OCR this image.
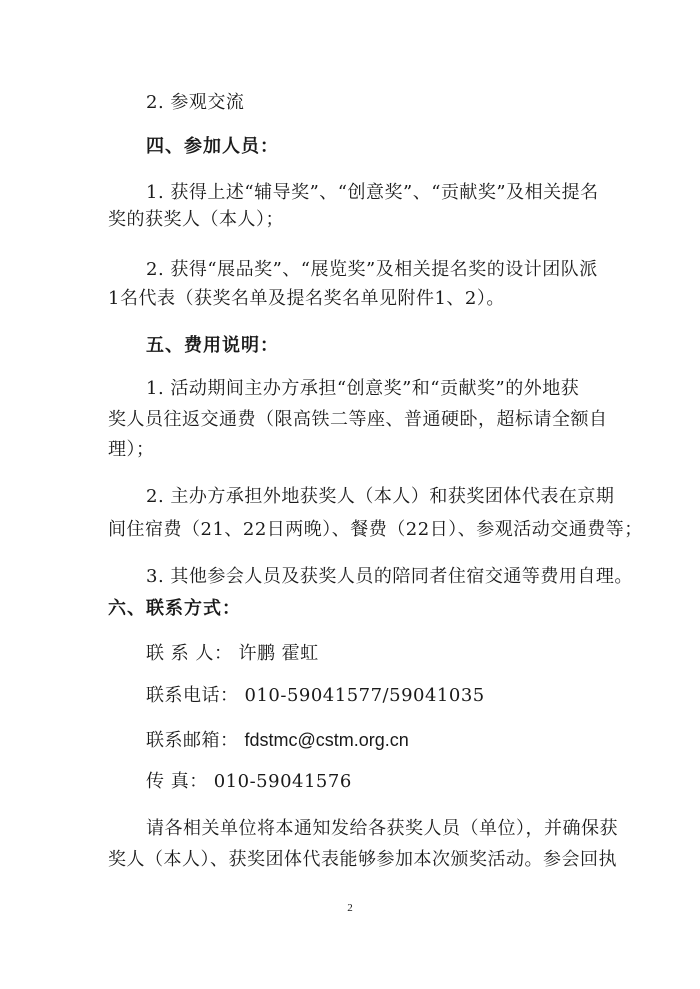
2. 参观交流
四、参加人员：
1. 获得上述“辅导奖”、“创意奖”、“贡献奖”及相关提名
奖的获奖人（本人）；
2. 获得“展品奖”、“展览奖”及相关提名奖的设计团队派
1名代表（获奖名单及提名奖名单见附件1、2）。
五、费用说明：
1. 活动期间主办方承担“创意奖”和“贡献奖”的外地获
奖人员往返交通费（限高铁二等座、普通硬卧，超标请全额自
理）；
2. 主办方承担外地获奖人（本人）和获奖团体代表在京期
间住宿费（21、22日两晚）、餐费（22日）、参观活动交通费等；
3. 其他参会人员及获奖人员的陪同者住宿交通等费用自理。
六、联系方式：
联 系 人： 许鹏 霍虹
联系电话： 010-59041577/59041035
联系邮箱： fdstmc@cstm.org.cn
传 真： 010-59041576
请各相关单位将本通知发给各获奖人员（单位），并确保获
奖人（本人）、获奖团体代表能够参加本次颁奖活动。参会回执
2
